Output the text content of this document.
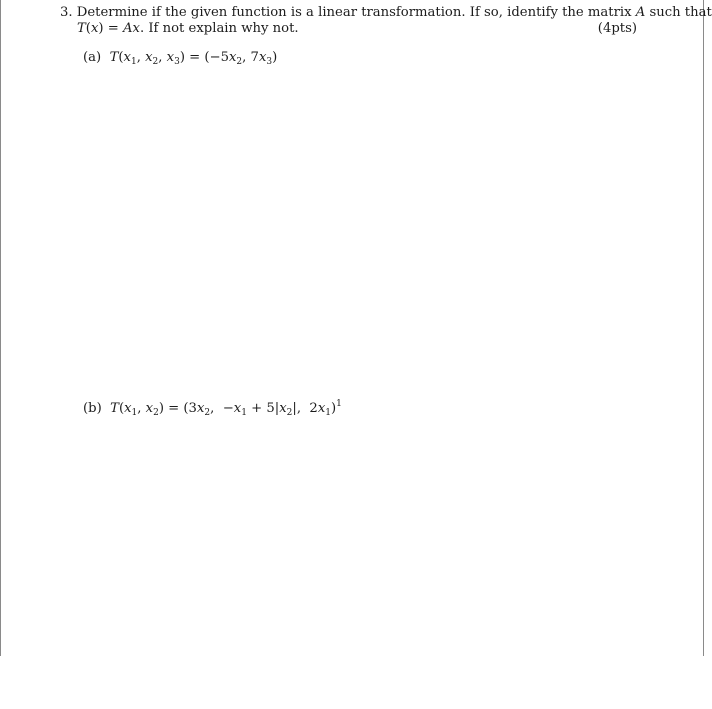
3. Determine if the given function is a linear transformation. If so, identify the matrix A such that
T(x) = Ax. If not explain why not.	(4pts)
(a) $T(x_1$, $x_2$, $x_3) = (-5x_2$, $7x_3$)
(b) $T(x_1$, $x_2) = (3x_2$,  $-x_1 + 5|x_2|$,  $2x_1)^1$
